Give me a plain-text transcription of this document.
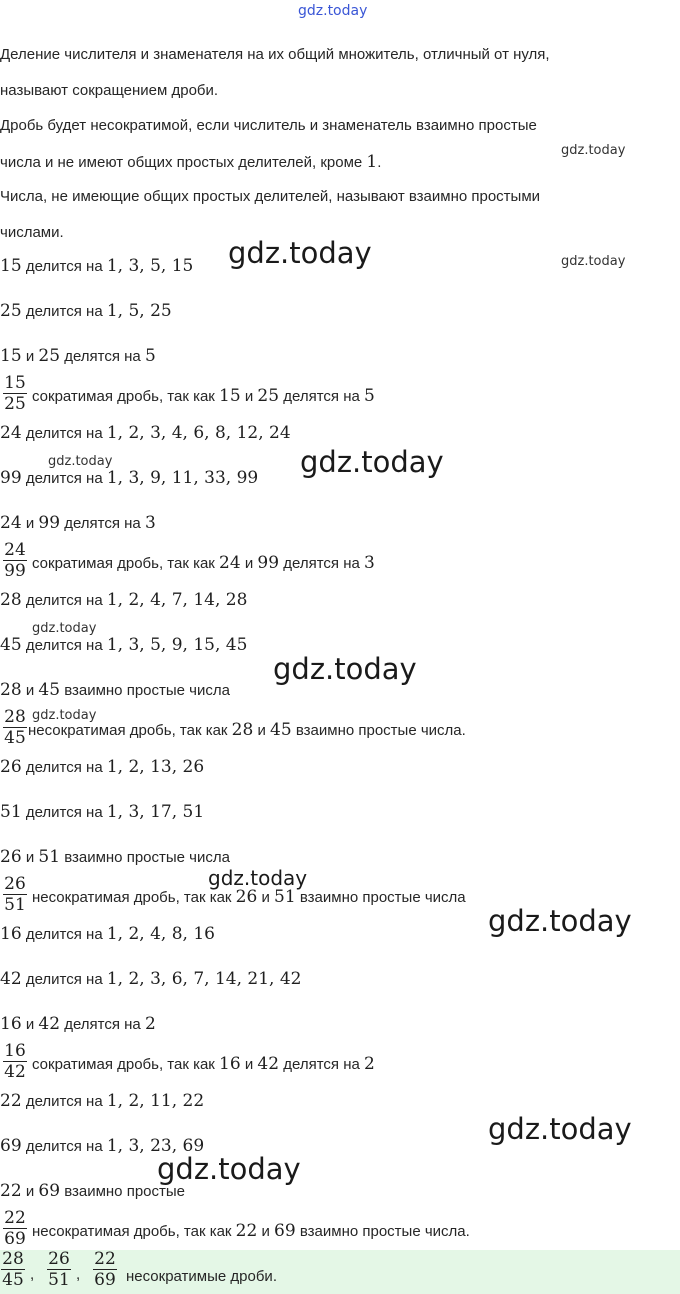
gdz.today
Деление числителя и знаменателя на их общий множитель, отличный от нуля,
называют сокращением дроби.
Дробь будет несократимой, если числитель и знаменатель взаимно простые
числа и не имеют общих простых делителей, кроме 1.
Числа, не имеющие общих простых делителей, называют взаимно простыми
числами.
15 делится на 1, 3, 5, 15
25 делится на 1, 5, 25
15 и 25 делятся на 5
15
25 сократимая дробь, так как 15 и 25 делятся на 5
24 делится на 1, 2, 3, 4, 6, 8, 12, 24
99 делится на 1, 3, 9, 11, 33, 99
24 и 99 делятся на 3
24
99 сократимая дробь, так как 24 и 99 делятся на 3
28 делится на 1, 2, 4, 7, 14, 28
45 делится на 1, 3, 5, 9, 15, 45
28 и 45 взаимно простые числа
28
45 несократимая дробь, так как 28 и 45 взаимно простые числа.
26 делится на 1, 2, 13, 26
51 делится на 1, 3, 17, 51
26 и 51 взаимно простые числа
26
51 несократимая дробь, так как 26 и 51 взаимно простые числа
16 делится на 1, 2, 4, 8, 16
42 делится на 1, 2, 3, 6, 7, 14, 21, 42
16 и 42 делятся на 2
16
42 сократимая дробь, так как 16 и 42 делятся на 2
22 делится на 1, 2, 11, 22
69 делится на 1, 3, 23, 69
22 и 69 взаимно простые
22
69 несократимая дробь, так как 22 и 69 взаимно простые числа.
28
45 ,
26
51 ,
22
69 несократимые дроби.
gdz.today
gdz.today	gdz.today
gdz.today	gdz.today
gdz.today
gdz.today
gdz.today
gdz.today
gdz.today
gdz.today
gdz.today
